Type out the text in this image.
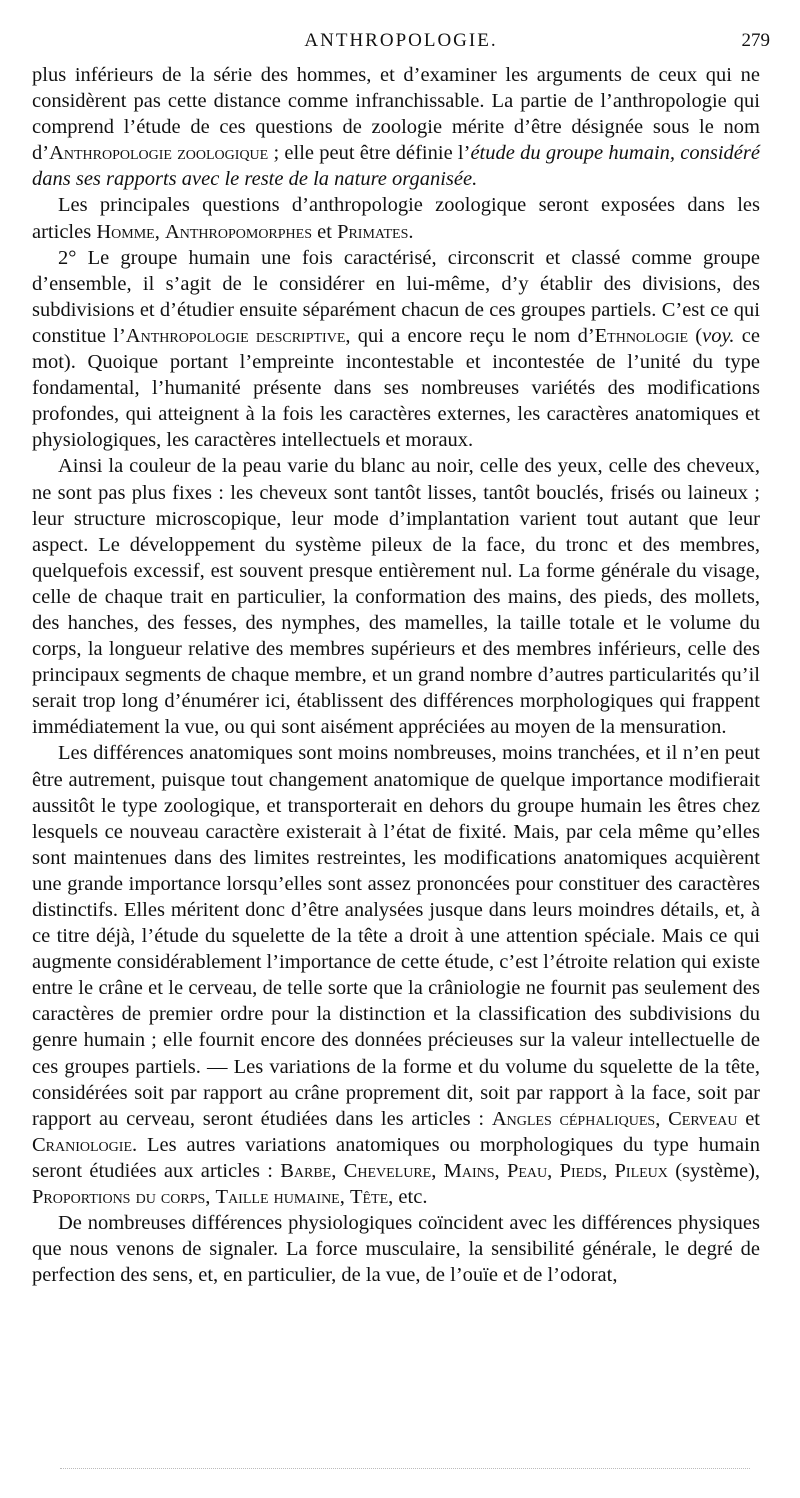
ANTHROPOLOGIE.	279

plus inférieurs de la série des hommes, et d’examiner les arguments de ceux qui ne considèrent pas cette distance comme infranchissable. La partie de l’anthropologie qui comprend l’étude de ces questions de zoologie mérite d’être désignée sous le nom d’Anthropologie zoologique ; elle peut être définie l’étude du groupe humain, considéré dans ses rapports avec le reste de la nature organisée.

Les principales questions d’anthropologie zoologique seront exposées dans les articles Homme, Anthropomorphes et Primates.

2° Le groupe humain une fois caractérisé, circonscrit et classé comme groupe d’ensemble, il s’agit de le considérer en lui-même, d’y établir des divisions, des subdivisions et d’étudier ensuite séparément chacun de ces groupes partiels. C’est ce qui constitue l’Anthropologie descriptive, qui a encore reçu le nom d’Ethnologie (voy. ce mot). Quoique portant l’empreinte incontestable et incontestée de l’unité du type fondamental, l’humanité présente dans ses nombreuses variétés des modifications profondes, qui atteignent à la fois les caractères externes, les caractères anatomiques et physiologiques, les caractères intellectuels et moraux.

Ainsi la couleur de la peau varie du blanc au noir, celle des yeux, celle des cheveux, ne sont pas plus fixes : les cheveux sont tantôt lisses, tantôt bouclés, frisés ou laineux ; leur structure microscopique, leur mode d’implantation varient tout autant que leur aspect. Le développement du système pileux de la face, du tronc et des membres, quelquefois excessif, est souvent presque entièrement nul. La forme générale du visage, celle de chaque trait en particulier, la conformation des mains, des pieds, des mollets, des hanches, des fesses, des nymphes, des mamelles, la taille totale et le volume du corps, la longueur relative des membres supérieurs et des membres inférieurs, celle des principaux segments de chaque membre, et un grand nombre d’autres particularités qu’il serait trop long d’énumérer ici, établissent des différences morphologiques qui frappent immédiatement la vue, ou qui sont aisément appréciées au moyen de la mensuration.

Les différences anatomiques sont moins nombreuses, moins tranchées, et il n’en peut être autrement, puisque tout changement anatomique de quelque importance modifierait aussitôt le type zoologique, et transporterait en dehors du groupe humain les êtres chez lesquels ce nouveau caractère existerait à l’état de fixité. Mais, par cela même qu’elles sont maintenues dans des limites restreintes, les modifications anatomiques acquièrent une grande importance lorsqu’elles sont assez prononcées pour constituer des caractères distinctifs. Elles méritent donc d’être analysées jusque dans leurs moindres détails, et, à ce titre déjà, l’étude du squelette de la tête a droit à une attention spéciale. Mais ce qui augmente considérablement l’importance de cette étude, c’est l’étroite relation qui existe entre le crâne et le cerveau, de telle sorte que la crâniologie ne fournit pas seulement des caractères de premier ordre pour la distinction et la classification des subdivisions du genre humain ; elle fournit encore des données précieuses sur la valeur intellectuelle de ces groupes partiels. — Les variations de la forme et du volume du squelette de la tête, considérées soit par rapport au crâne proprement dit, soit par rapport à la face, soit par rapport au cerveau, seront étudiées dans les articles : Angles céphaliques, Cerveau et Craniologie. Les autres variations anatomiques ou morphologiques du type humain seront étudiées aux articles : Barbe, Chevelure, Mains, Peau, Pieds, Pileux (système), Proportions du corps, Taille humaine, Tête, etc.

De nombreuses différences physiologiques coïncident avec les différences physiques que nous venons de signaler. La force musculaire, la sensibilité générale, le degré de perfection des sens, et, en particulier, de la vue, de l’ouïe et de l’odorat,
